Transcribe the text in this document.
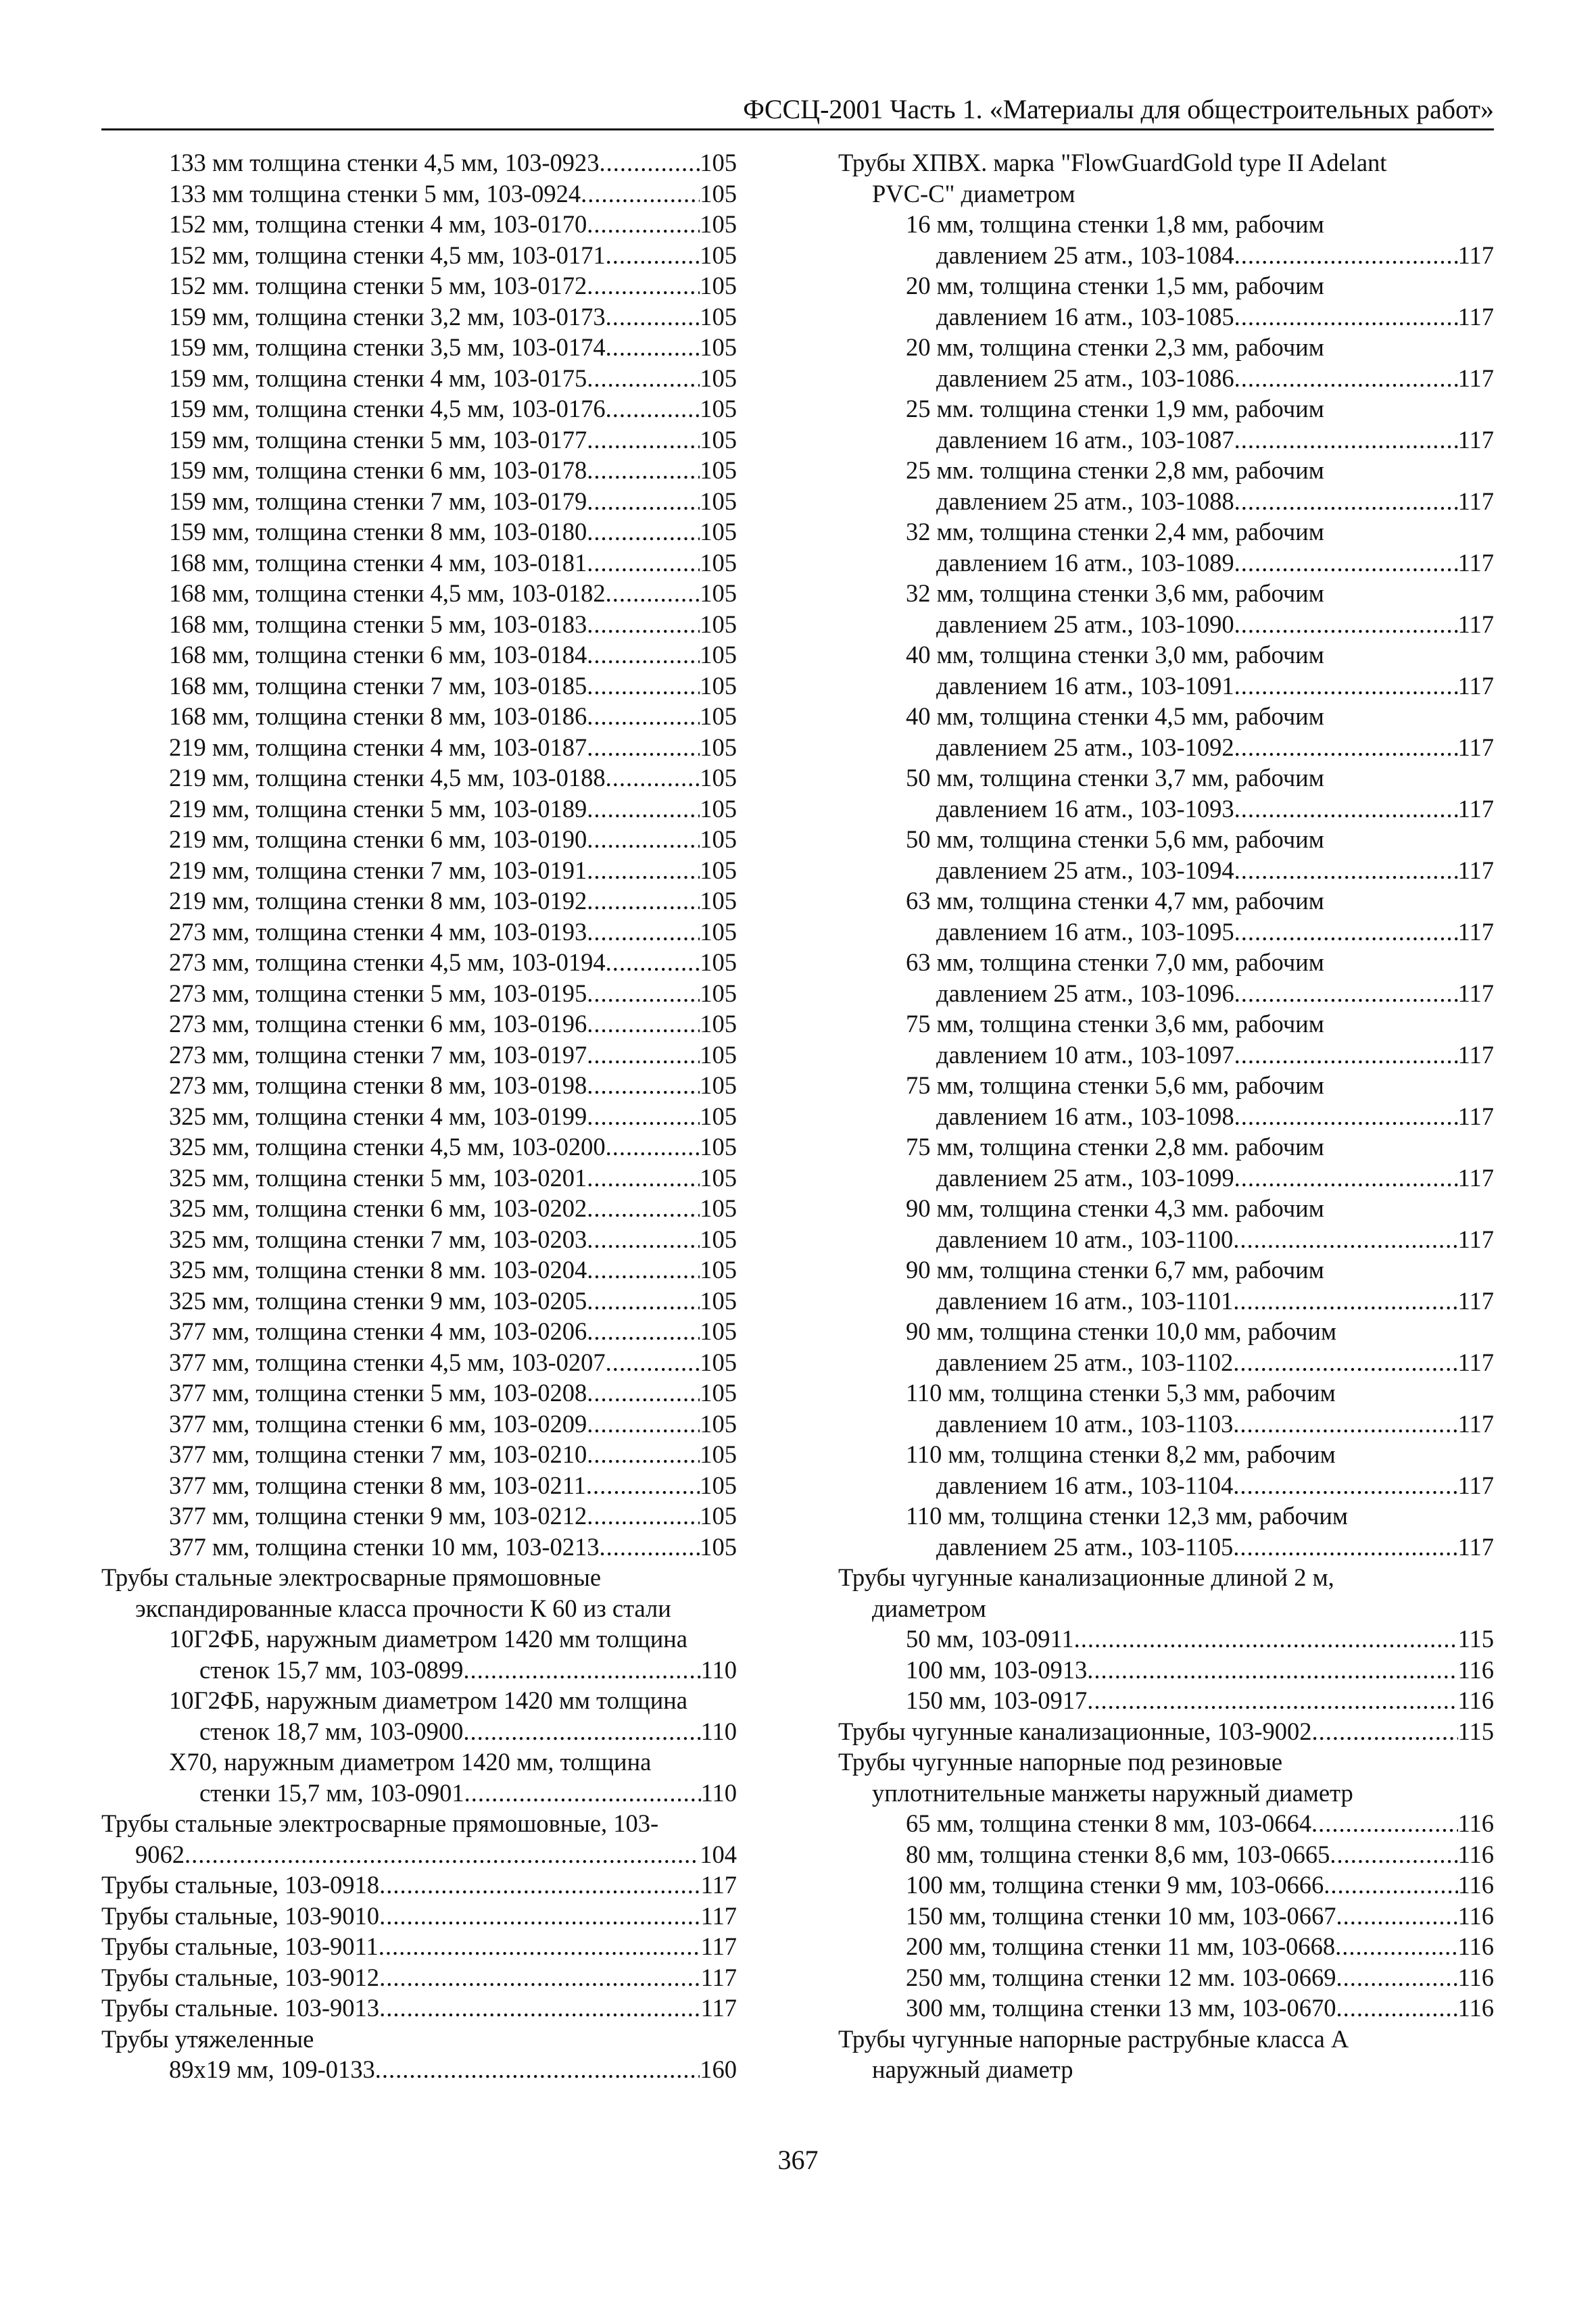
ФССЦ-2001 Часть 1. «Материалы для общестроительных работ»
133 мм толщина стенки 4,5 мм, 103-0923 .....	105
133 мм толщина стенки 5 мм, 103-0924 .....	105
152 мм, толщина стенки 4 мм, 103-0170 .....	105
152 мм, толщина стенки 4,5 мм, 103-0171 .....	105
152 мм. толщина стенки 5 мм, 103-0172 .....	105
159 мм, толщина стенки 3,2 мм, 103-0173 .....	105
159 мм, толщина стенки 3,5 мм, 103-0174 .....	105
159 мм, толщина стенки 4 мм, 103-0175 .....	105
159 мм, толщина стенки 4,5 мм, 103-0176 .....	105
159 мм, толщина стенки 5 мм, 103-0177 .....	105
159 мм, толщина стенки 6 мм, 103-0178 .....	105
159 мм, толщина стенки 7 мм, 103-0179 .....	105
159 мм, толщина стенки 8 мм, 103-0180 .....	105
168 мм, толщина стенки 4 мм, 103-0181 .....	105
168 мм, толщина стенки 4,5 мм, 103-0182 .....	105
168 мм, толщина стенки 5 мм, 103-0183 .....	105
168 мм, толщина стенки 6 мм, 103-0184 .....	105
168 мм, толщина стенки 7 мм, 103-0185 .....	105
168 мм, толщина стенки 8 мм, 103-0186 .....	105
219 мм, толщина стенки 4 мм, 103-0187 .....	105
219 мм, толщина стенки 4,5 мм, 103-0188 .....	105
219 мм, толщина стенки 5 мм, 103-0189 .....	105
219 мм, толщина стенки 6 мм, 103-0190 .....	105
219 мм, толщина стенки 7 мм, 103-0191 .....	105
219 мм, толщина стенки 8 мм, 103-0192 .....	105
273 мм, толщина стенки 4 мм, 103-0193 .....	105
273 мм, толщина стенки 4,5 мм, 103-0194 .....	105
273 мм, толщина стенки 5 мм, 103-0195 .....	105
273 мм, толщина стенки 6 мм, 103-0196 .....	105
273 мм, толщина стенки 7 мм, 103-0197 .....	105
273 мм, толщина стенки 8 мм, 103-0198 .....	105
325 мм, толщина стенки 4 мм, 103-0199 .....	105
325 мм, толщина стенки 4,5 мм, 103-0200 .....	105
325 мм, толщина стенки 5 мм, 103-0201 .....	105
325 мм, толщина стенки 6 мм, 103-0202 .....	105
325 мм, толщина стенки 7 мм, 103-0203 .....	105
325 мм, толщина стенки 8 мм. 103-0204 .....	105
325 мм, толщина стенки 9 мм, 103-0205 .....	105
377 мм, толщина стенки 4 мм, 103-0206 .....	105
377 мм, толщина стенки 4,5 мм, 103-0207 .....	105
377 мм, толщина стенки 5 мм, 103-0208 .....	105
377 мм, толщина стенки 6 мм, 103-0209 .....	105
377 мм, толщина стенки 7 мм, 103-0210 .....	105
377 мм, толщина стенки 8 мм, 103-0211 .....	105
377 мм, толщина стенки 9 мм, 103-0212 .....	105
377 мм, толщина стенки 10 мм, 103-0213 .....	105
Трубы стальные электросварные прямошовные
экспандированные класса прочности К 60 из стали
10Г2ФБ, наружным диаметром 1420 мм толщина
стенок 15,7 мм, 103-0899 .....	110
10Г2ФБ, наружным диаметром 1420 мм толщина
стенок 18,7 мм, 103-0900 .....	110
Х70, наружным диаметром 1420 мм, толщина
стенки 15,7 мм, 103-0901 .....	110
Трубы стальные электросварные прямошовные, 103-
9062 .....	104
Трубы стальные, 103-0918 .....	117
Трубы стальные, 103-9010 .....	117
Трубы стальные, 103-9011 .....	117
Трубы стальные, 103-9012 .....	117
Трубы стальные. 103-9013 .....	117
Трубы утяжеленные
89x19 мм, 109-0133 .....	160
Трубы ХПВХ. марка "FlowGuardGold type II Adelant
PVC-C" диаметром
16 мм, толщина стенки 1,8 мм, рабочим
давлением 25 атм., 103-1084 .....	117
20 мм, толщина стенки 1,5 мм, рабочим
давлением 16 атм., 103-1085 .....	117
20 мм, толщина стенки 2,3 мм, рабочим
давлением 25 атм., 103-1086 .....	117
25 мм. толщина стенки 1,9 мм, рабочим
давлением 16 атм., 103-1087 .....	117
25 мм. толщина стенки 2,8 мм, рабочим
давлением 25 атм., 103-1088 .....	117
32 мм, толщина стенки 2,4 мм, рабочим
давлением 16 атм., 103-1089 .....	117
32 мм, толщина стенки 3,6 мм, рабочим
давлением 25 атм., 103-1090 .....	117
40 мм, толщина стенки 3,0 мм, рабочим
давлением 16 атм., 103-1091 .....	117
40 мм, толщина стенки 4,5 мм, рабочим
давлением 25 атм., 103-1092 .....	117
50 мм, толщина стенки 3,7 мм, рабочим
давлением 16 атм., 103-1093 .....	117
50 мм, толщина стенки 5,6 мм, рабочим
давлением 25 атм., 103-1094 .....	117
63 мм, толщина стенки 4,7 мм, рабочим
давлением 16 атм., 103-1095 .....	117
63 мм, толщина стенки 7,0 мм, рабочим
давлением 25 атм., 103-1096 .....	117
75 мм, толщина стенки 3,6 мм, рабочим
давлением 10 атм., 103-1097 .....	117
75 мм, толщина стенки 5,6 мм, рабочим
давлением 16 атм., 103-1098 .....	117
75 мм, толщина стенки 2,8 мм. рабочим
давлением 25 атм., 103-1099 .....	117
90 мм, толщина стенки 4,3 мм. рабочим
давлением 10 атм., 103-1100 .....	117
90 мм, толщина стенки 6,7 мм, рабочим
давлением 16 атм., 103-1101 .....	117
90 мм, толщина стенки 10,0 мм, рабочим
давлением 25 атм., 103-1102 .....	117
110 мм, толщина стенки 5,3 мм, рабочим
давлением 10 атм., 103-1103 .....	117
110 мм, толщина стенки 8,2 мм, рабочим
давлением 16 атм., 103-1104 .....	117
110 мм, толщина стенки 12,3 мм, рабочим
давлением 25 атм., 103-1105 .....	117
Трубы чугунные канализационные длиной 2 м,
диаметром
50 мм, 103-0911 .....	115
100 мм, 103-0913 .....	116
150 мм, 103-0917 .....	116
Трубы чугунные канализационные, 103-9002 .....	115
Трубы чугунные напорные под резиновые
уплотнительные манжеты наружный диаметр
65 мм, толщина стенки 8 мм, 103-0664 .....	116
80 мм, толщина стенки 8,6 мм, 103-0665 .....	116
100 мм, толщина стенки 9 мм, 103-0666 .....	116
150 мм, толщина стенки 10 мм, 103-0667 .....	116
200 мм, толщина стенки 11 мм, 103-0668 .....	116
250 мм, толщина стенки 12 мм. 103-0669 .....	116
300 мм, толщина стенки 13 мм, 103-0670 .....	116
Трубы чугунные напорные раструбные класса А
наружный диаметр
367
